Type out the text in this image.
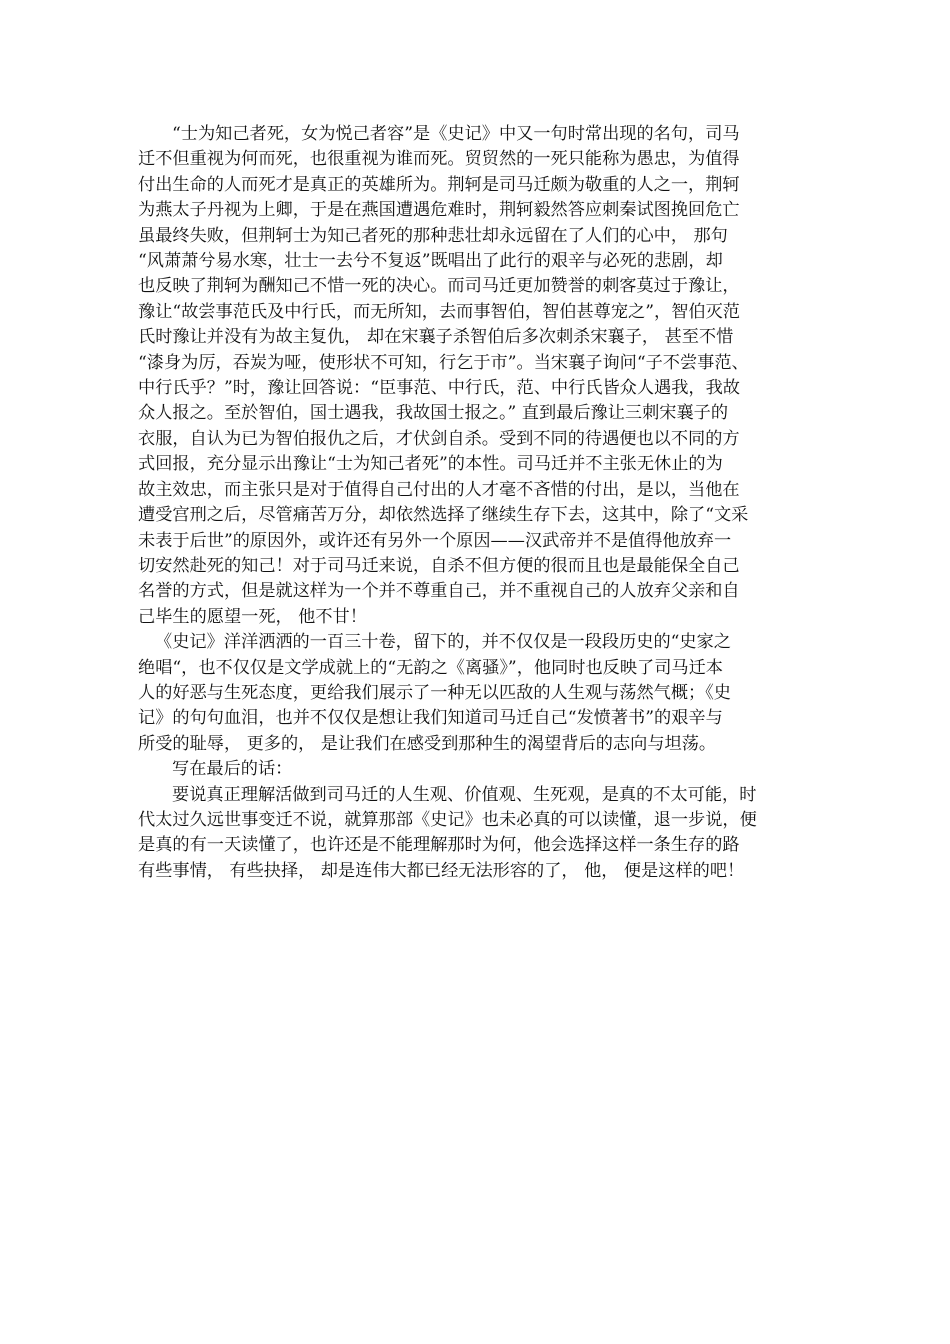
“士为知己者死，女为悦己者容”是《史记》中又一句时常出现的名句，司马
迁不但重视为何而死，也很重视为谁而死。贸贸然的一死只能称为愚忠，为值得
付出生命的人而死才是真正的英雄所为。荆轲是司马迁颇为敬重的人之一，荆轲
为燕太子丹视为上卿，于是在燕国遭遇危难时，荆轲毅然答应刺秦试图挽回危亡
虽最终失败，但荆轲士为知己者死的那种悲壮却永远留在了人们的心中， 那句
“风萧萧兮易水寒，壮士一去兮不复返”既唱出了此行的艰辛与必死的悲剧，却
也反映了荆轲为酬知己不惜一死的决心。而司马迁更加赞誉的刺客莫过于豫让，
豫让“故尝事范氏及中行氏，而无所知，去而事智伯，智伯甚尊宠之”，智伯灭范
氏时豫让并没有为故主复仇， 却在宋襄子杀智伯后多次刺杀宋襄子， 甚至不惜
“漆身为厉，吞炭为哑，使形状不可知，行乞于市”。当宋襄子询问“子不尝事范、
中行氏乎？”时，豫让回答说：“臣事范、中行氏，范、中行氏皆众人遇我，我故
众人报之。至於智伯，国士遇我，我故国士报之。” 直到最后豫让三刺宋襄子的
衣服，自认为已为智伯报仇之后，才伏剑自杀。受到不同的待遇便也以不同的方
式回报，充分显示出豫让“士为知己者死”的本性。司马迁并不主张无休止的为
故主效忠，而主张只是对于值得自己付出的人才毫不吝惜的付出，是以，当他在
遭受宫刑之后，尽管痛苦万分，却依然选择了继续生存下去，这其中，除了“文采
未表于后世”的原因外，或许还有另外一个原因——汉武帝并不是值得他放弃一
切安然赴死的知己！对于司马迁来说，自杀不但方便的很而且也是最能保全自己
名誉的方式，但是就这样为一个并不尊重自己，并不重视自己的人放弃父亲和自
己毕生的愿望一死， 他不甘！
《史记》洋洋洒洒的一百三十卷，留下的，并不仅仅是一段段历史的“史家之
绝唱“，也不仅仅是文学成就上的“无韵之《离骚》”，他同时也反映了司马迁本
人的好恶与生死态度，更给我们展示了一种无以匹敌的人生观与荡然气概；《史
记》的句句血泪，也并不仅仅是想让我们知道司马迁自己“发愤著书”的艰辛与
所受的耻辱， 更多的， 是让我们在感受到那种生的渴望背后的志向与坦荡。
写在最后的话：
要说真正理解活做到司马迁的人生观、价值观、生死观，是真的不太可能，时
代太过久远世事变迁不说，就算那部《史记》也未必真的可以读懂，退一步说，便
是真的有一天读懂了，也许还是不能理解那时为何，他会选择这样一条生存的路
有些事情， 有些抉择， 却是连伟大都已经无法形容的了， 他， 便是这样的吧！
